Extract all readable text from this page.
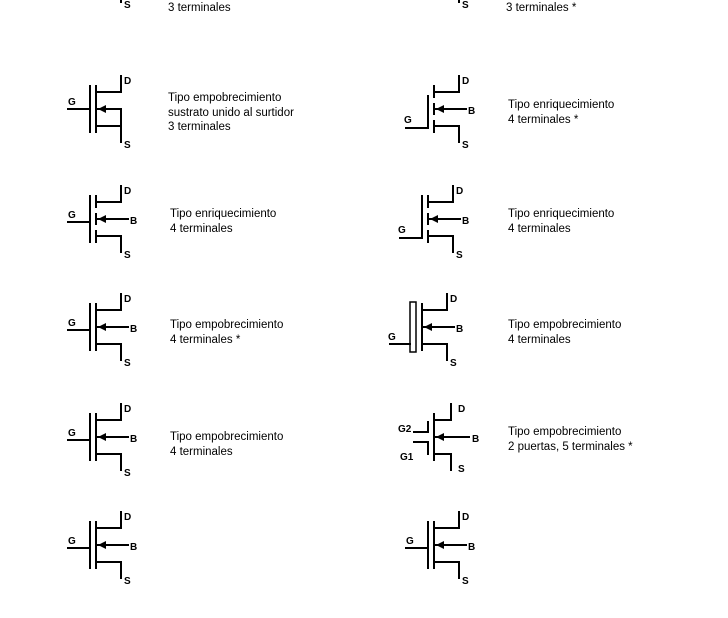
S	3 terminales	S	3 terminales *
G
D
S
Tipo empobrecimiento
sustrato unido al surtidor
3 terminales
G
B
D
S
Tipo enriquecimiento
4 terminales *
G
B
D
S
Tipo enriquecimiento
4 terminales	G
B
D
S
Tipo enriquecimiento
4 terminales
G
B
D
S
Tipo empobrecimiento
4 terminales *	G
B
D
S
Tipo empobrecimiento
4 terminales
G
B
D
S
Tipo empobrecimiento
4 terminales
D
B
S
G2
G1
Tipo empobrecimiento
2 puertas, 5 terminales *
G
B
D
S
G
B
D
S
